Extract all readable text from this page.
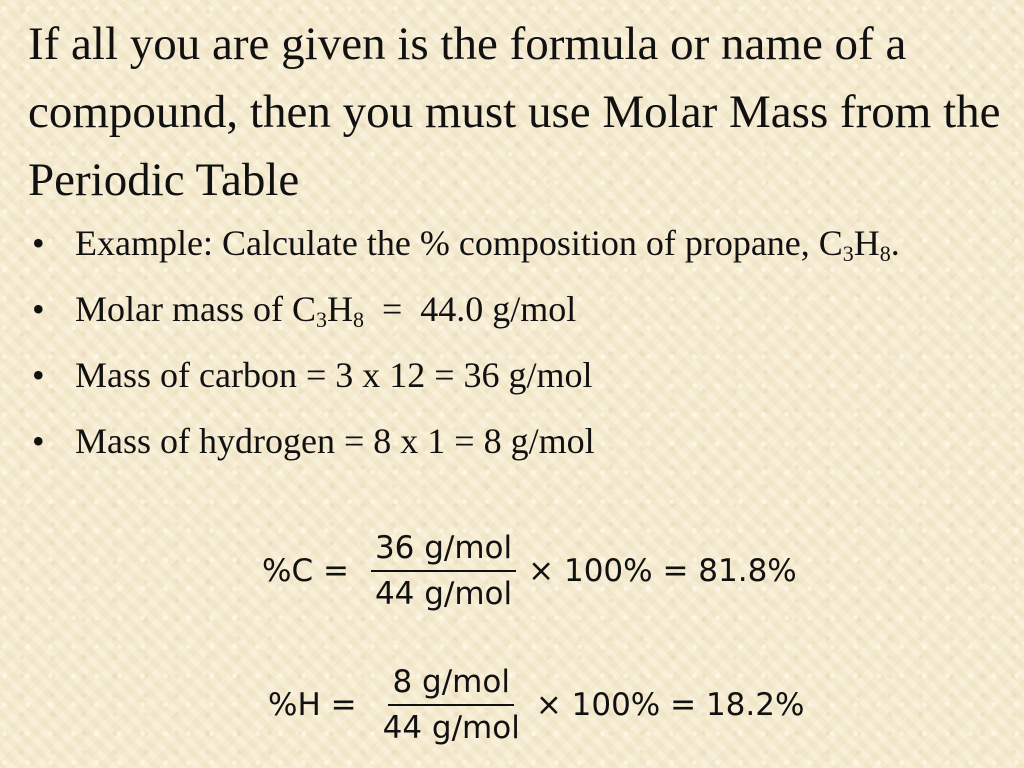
If all you are given is the formula or name of a compound, then you must use Molar Mass from the Periodic Table
• Example: Calculate the % composition of propane, $C_3H_8$.
• Molar mass of $C_3H_8 = 44.0$ g/mol
• Mass of carbon = 3 x 12 = 36 g/mol
• Mass of hydrogen = 8 x 1 = 8 g/mol
$\%C = \frac{\text{36 g/mol}}{\text{44 g/mol}} \times 100\% = 81.8\%$
$\%H = \frac{\text{8 g/mol}}{\text{44 g/mol}} \times 100\% = 18.2\%$
